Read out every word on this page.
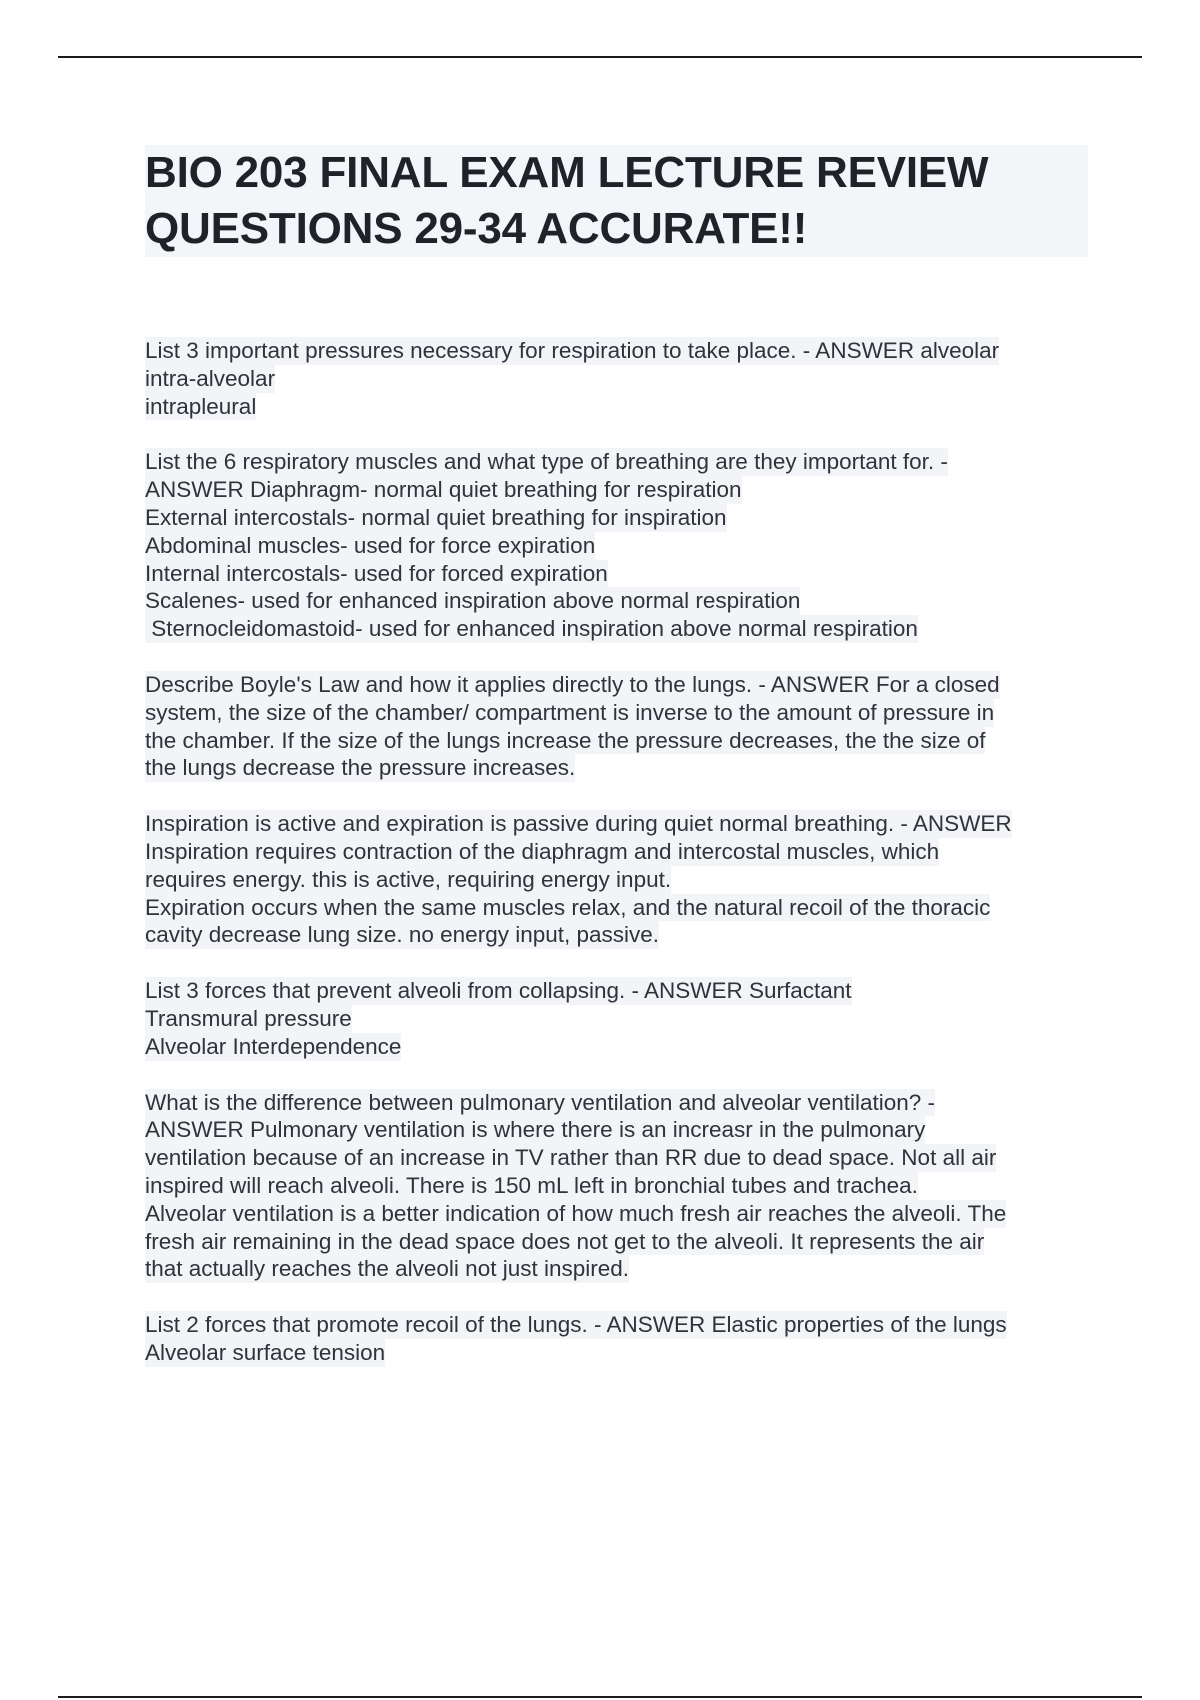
BIO 203 FINAL EXAM LECTURE REVIEW
QUESTIONS 29-34 ACCURATE!!
List 3 important pressures necessary for respiration to take place. - ANSWER alveolar
intra-alveolar
intrapleural

List the 6 respiratory muscles and what type of breathing are they important for. -
ANSWER Diaphragm- normal quiet breathing for respiration
External intercostals- normal quiet breathing for inspiration
Abdominal muscles- used for force expiration
Internal intercostals- used for forced expiration
Scalenes- used for enhanced inspiration above normal respiration
Sternocleidomastoid- used for enhanced inspiration above normal respiration

Describe Boyle's Law and how it applies directly to the lungs. - ANSWER For a closed
system, the size of the chamber/ compartment is inverse to the amount of pressure in
the chamber. If the size of the lungs increase the pressure decreases, the the size of
the lungs decrease the pressure increases.

Inspiration is active and expiration is passive during quiet normal breathing. - ANSWER
Inspiration requires contraction of the diaphragm and intercostal muscles, which
requires energy. this is active, requiring energy input.
Expiration occurs when the same muscles relax, and the natural recoil of the thoracic
cavity decrease lung size. no energy input, passive.

List 3 forces that prevent alveoli from collapsing. - ANSWER Surfactant
Transmural pressure
Alveolar Interdependence

What is the difference between pulmonary ventilation and alveolar ventilation? -
ANSWER Pulmonary ventilation is where there is an increasr in the pulmonary
ventilation because of an increase in TV rather than RR due to dead space. Not all air
inspired will reach alveoli. There is 150 mL left in bronchial tubes and trachea.
Alveolar ventilation is a better indication of how much fresh air reaches the alveoli. The
fresh air remaining in the dead space does not get to the alveoli. It represents the air
that actually reaches the alveoli not just inspired.

List 2 forces that promote recoil of the lungs. - ANSWER Elastic properties of the lungs
Alveolar surface tension
